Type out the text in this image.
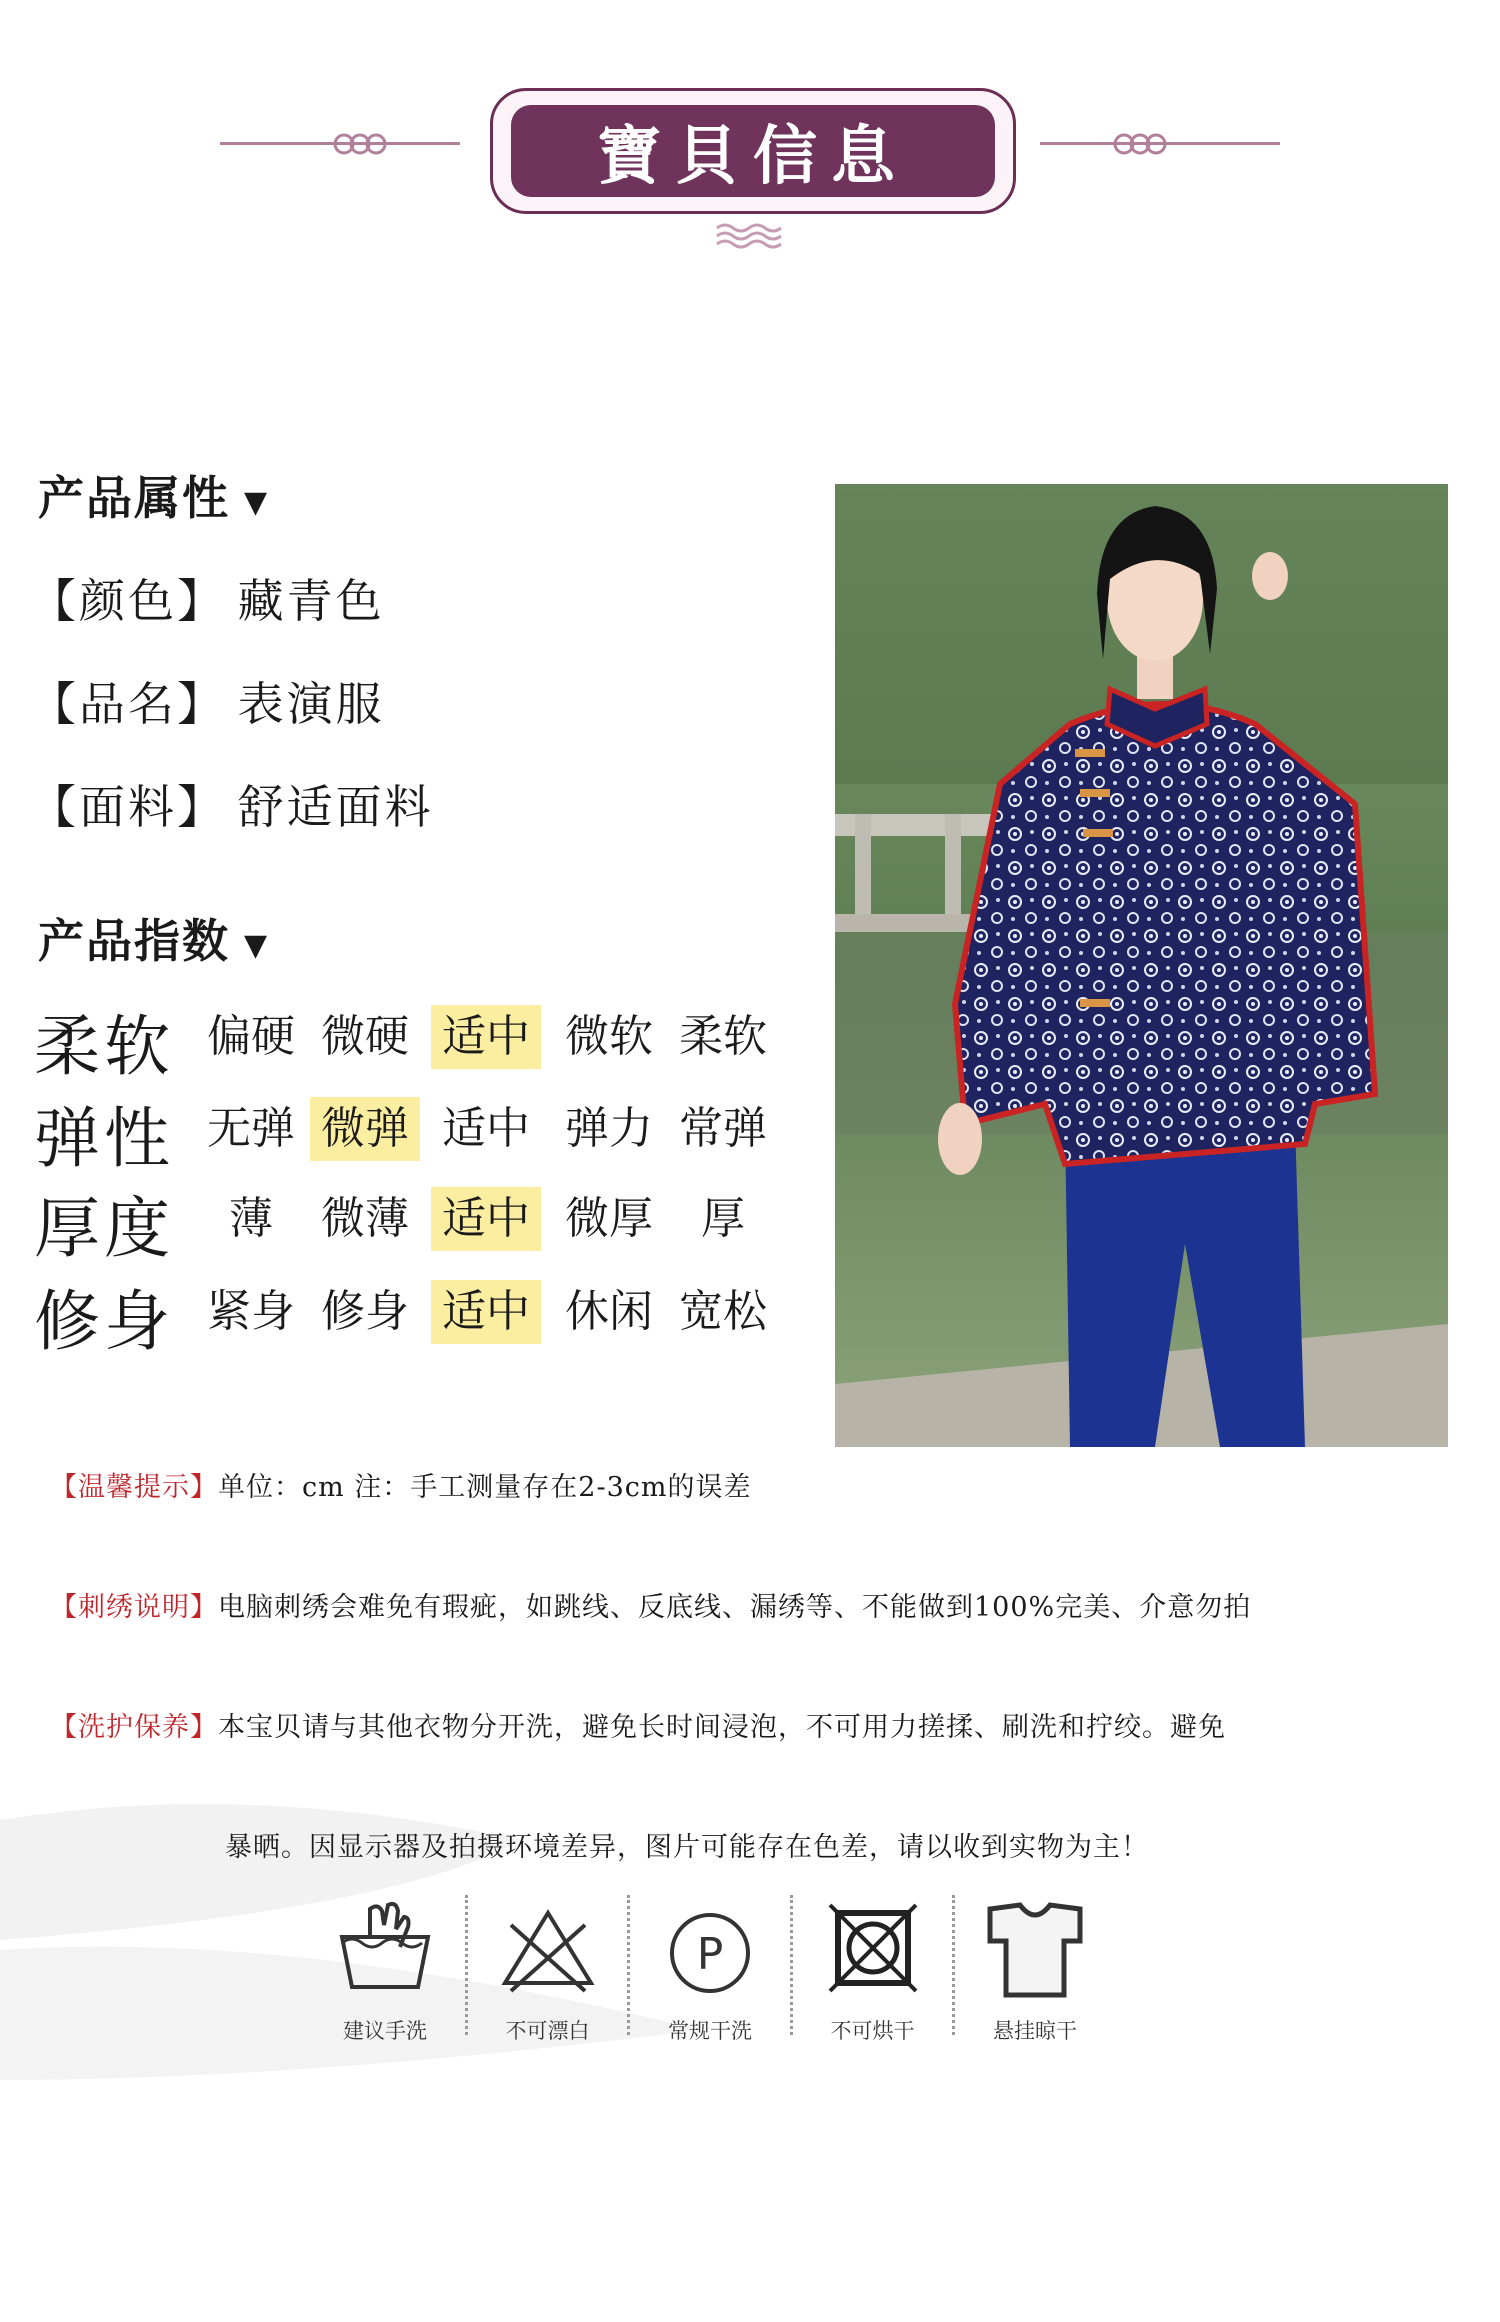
寶貝信息
产品属性 ▼
【颜色】 藏青色
【品名】 表演服
【面料】 舒适面料
产品指数 ▼
柔软 偏硬 微硬 适中 微软 柔软
弹性 无弹 微弹 适中 弹力 常弹
厚度	薄	微薄 适中 微厚	厚
修身 紧身 修身 适中 休闲 宽松
【温馨提示】单位：cm 注：手工测量存在2-3cm的误差
【刺绣说明】电脑刺绣会难免有瑕疵，如跳线、反底线、漏绣等、不能做到100%完美、介意勿拍
【洗护保养】本宝贝请与其他衣物分开洗，避免长时间浸泡，不可用力搓揉、刷洗和拧绞。避免
暴晒。因显示器及拍摄环境差异，图片可能存在色差，请以收到实物为主！
建议手洗	不可漂白
P
常规干洗	不可烘干	悬挂晾干
